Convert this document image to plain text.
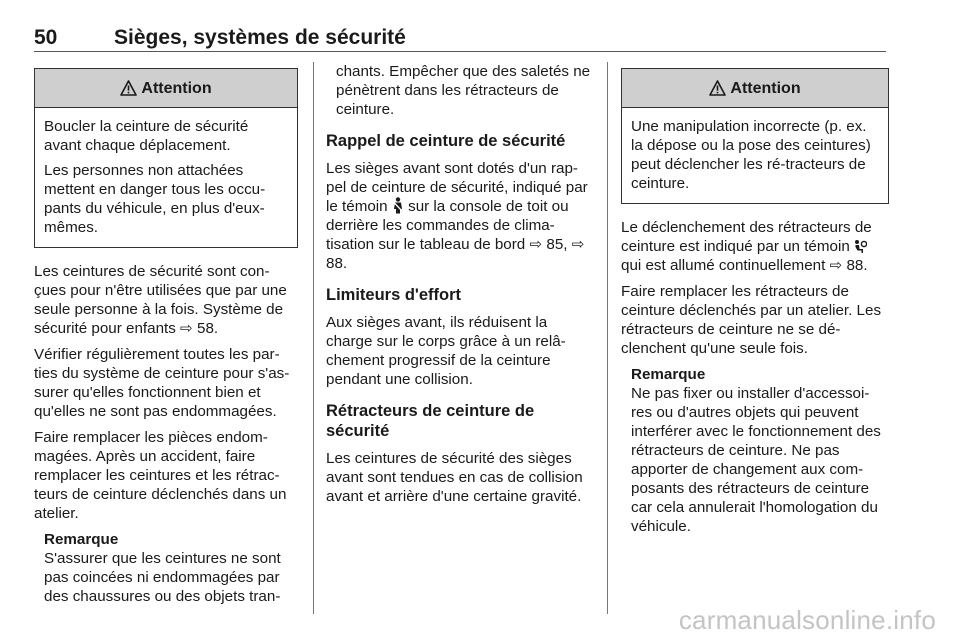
50	Sièges, systèmes de sécurité
Attention

Boucler la ceinture de sécurité avant chaque déplacement.

Les personnes non attachées mettent en danger tous les occu-pants du véhicule, en plus d'eux-mêmes.

Les ceintures de sécurité sont con-çues pour n'être utilisées que par une seule personne à la fois. Système de sécurité pour enfants ⇨ 58.

Vérifier régulièrement toutes les par-ties du système de ceinture pour s'as-surer qu'elles fonctionnent bien et qu'elles ne sont pas endommagées.

Faire remplacer les pièces endom-magées. Après un accident, faire remplacer les ceintures et les rétrac-teurs de ceinture déclenchés dans un atelier.

Remarque
S'assurer que les ceintures ne sont pas coincées ni endommagées par des chaussures ou des objets tran-

chants. Empêcher que des saletés ne pénètrent dans les rétracteurs de ceinture.

Rappel de ceinture de sécurité

Les sièges avant sont dotés d'un rap-pel de ceinture de sécurité, indiqué par le témoin sur la console de toit ou derrière les commandes de clima-tisation sur le tableau de bord ⇨ 85, ⇨ 88.

Limiteurs d'effort

Aux sièges avant, ils réduisent la charge sur le corps grâce à un relâ-chement progressif de la ceinture pendant une collision.

Rétracteurs de ceinture de sécurité

Les ceintures de sécurité des sièges avant sont tendues en cas de collision avant et arrière d'une certaine gravité.

Attention

Une manipulation incorrecte (p. ex. la dépose ou la pose des ceintures) peut déclencher les ré-tracteurs de ceinture.

Le déclenchement des rétracteurs de ceinture est indiqué par un témoin  qui est allumé continuellement ⇨ 88.

Faire remplacer les rétracteurs de ceinture déclenchés par un atelier. Les rétracteurs de ceinture ne se dé-clenchent qu'une seule fois.

Remarque
Ne pas fixer ou installer d'accessoi-res ou d'autres objets qui peuvent interférer avec le fonctionnement des rétracteurs de ceinture. Ne pas apporter de changement aux com-posants des rétracteurs de ceinture car cela annulerait l'homologation du véhicule.
carmanualsonline.info
